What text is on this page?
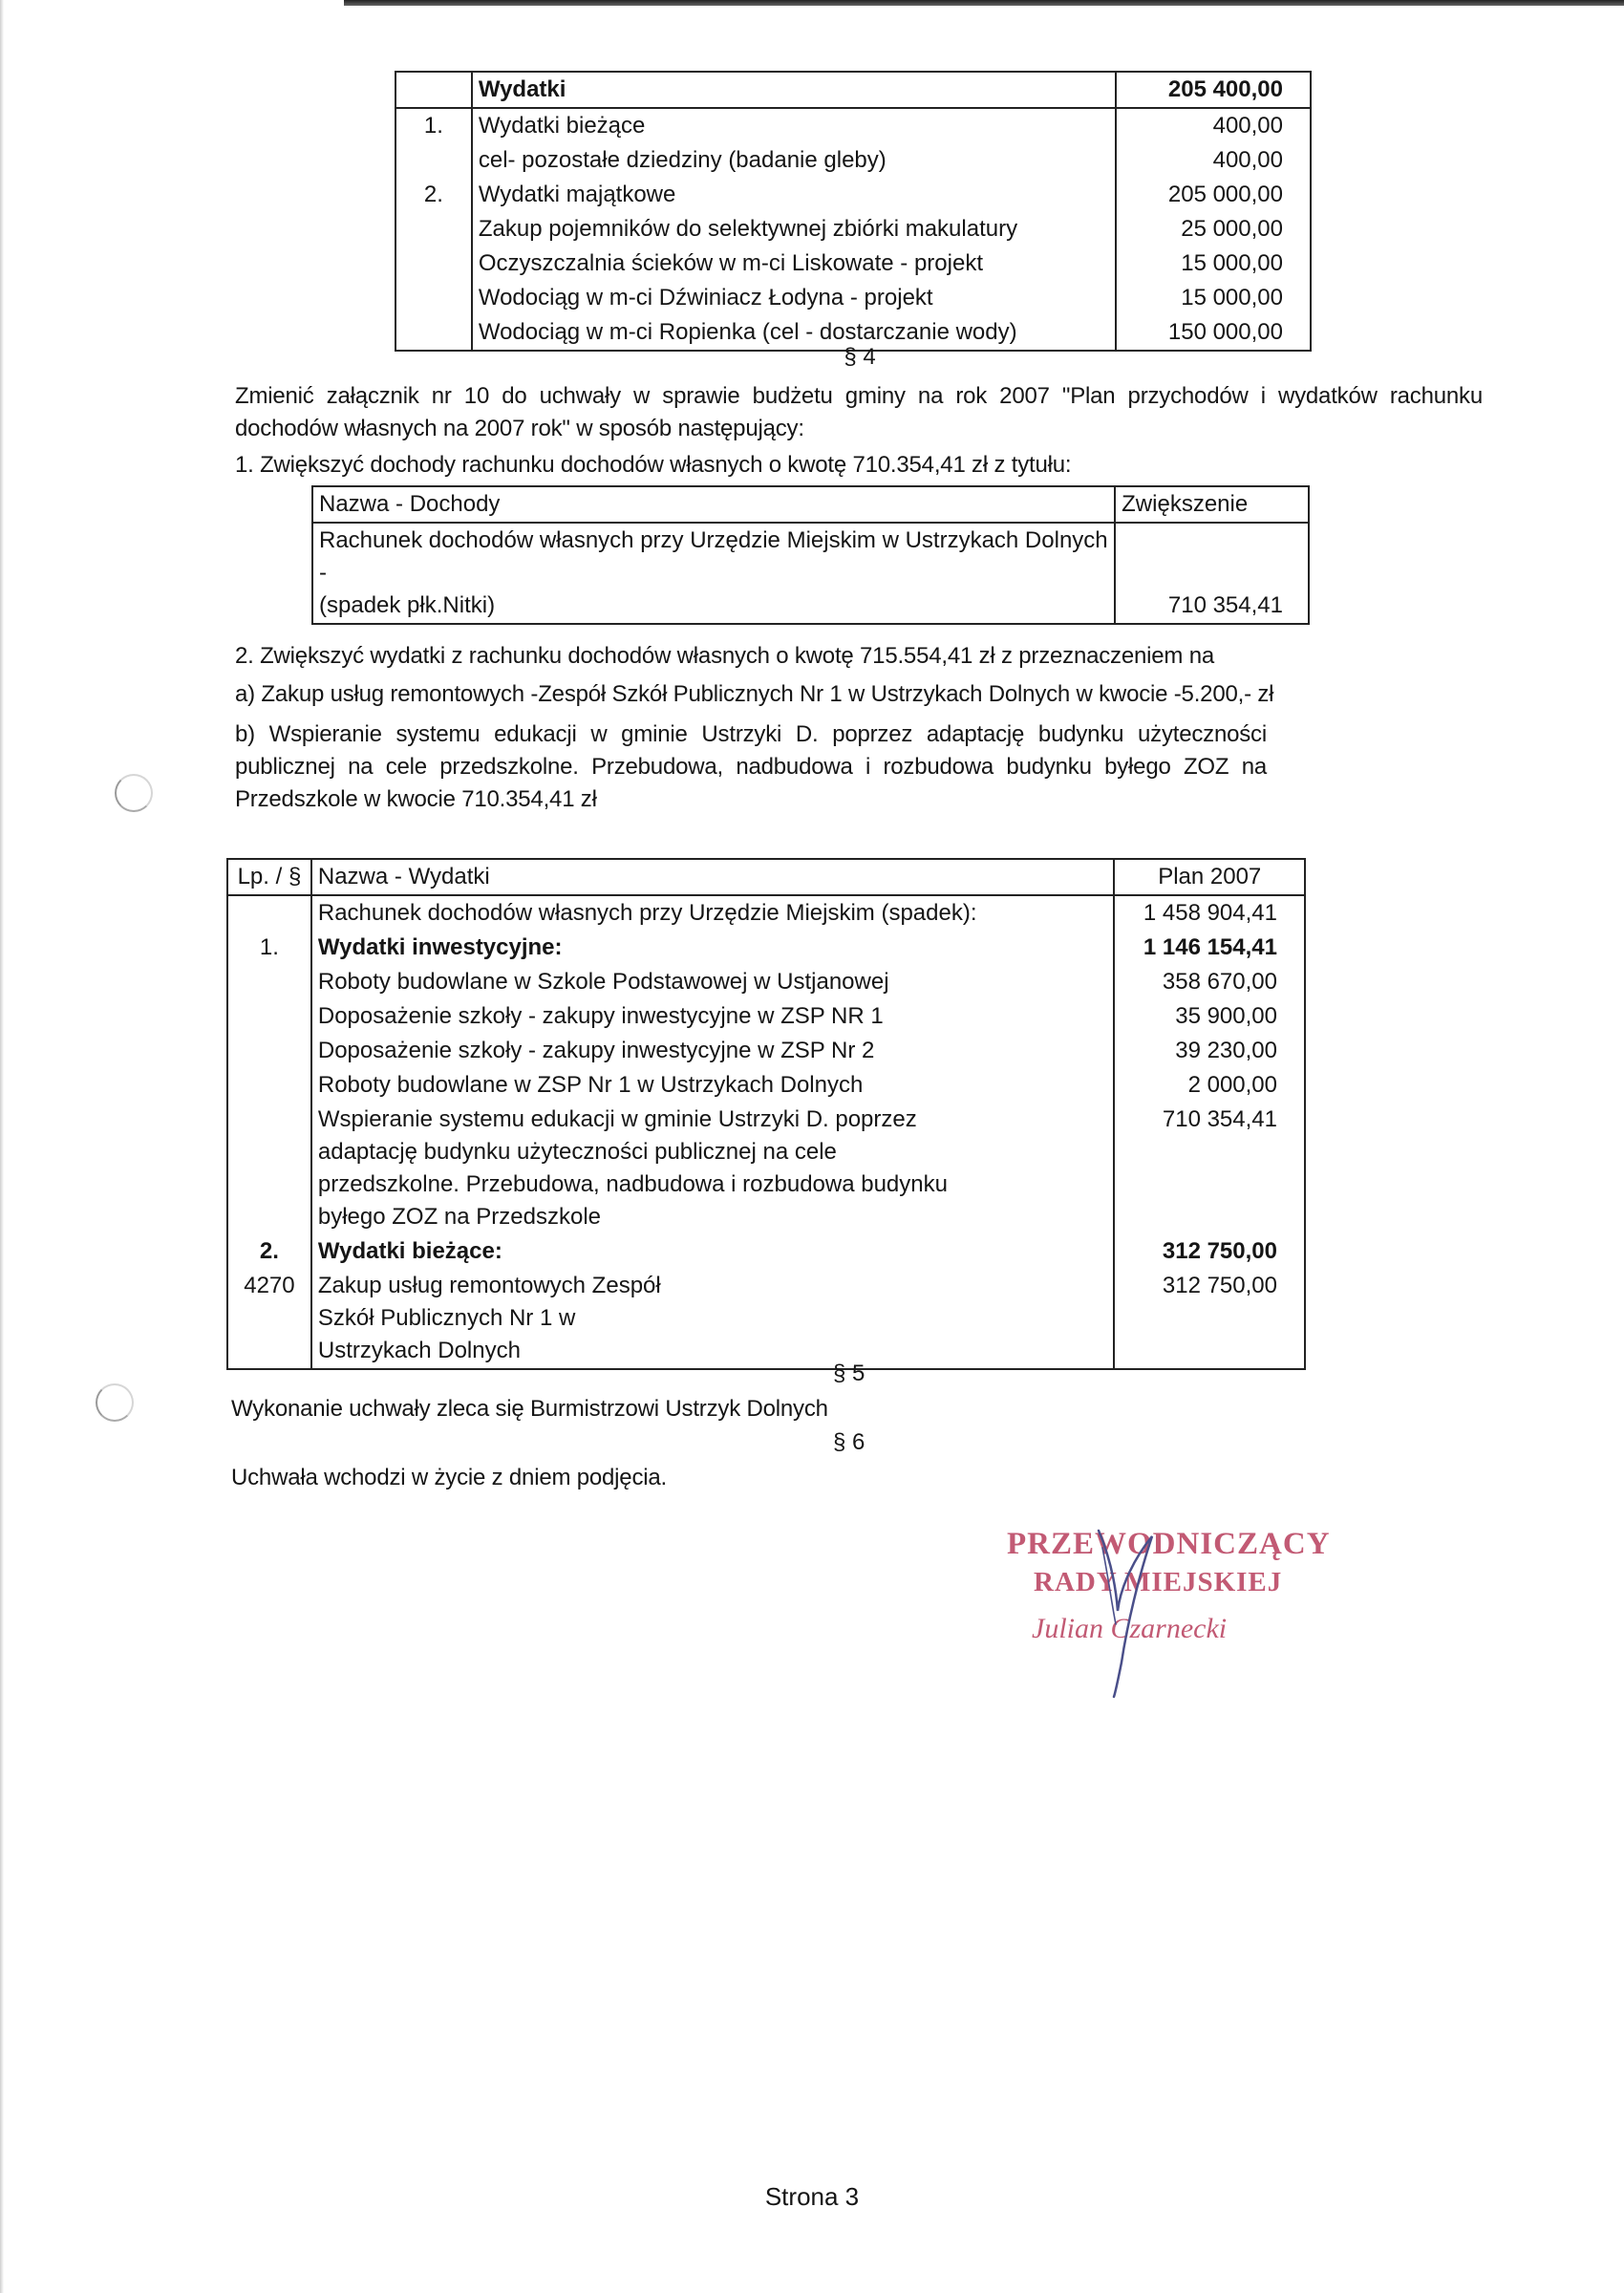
	Wydatki	205 400,00
1.	Wydatki bieżące	400,00
	cel- pozostałe dziedziny (badanie gleby)	400,00
2.	Wydatki majątkowe	205 000,00
	Zakup pojemników do selektywnej zbiórki makulatury	25 000,00
	Oczyszczalnia ścieków w m-ci Liskowate - projekt	15 000,00
	Wodociąg w m-ci Dźwiniacz Łodyna - projekt	15 000,00
	Wodociąg w m-ci Ropienka (cel - dostarczanie wody)	150 000,00
§ 4
Zmienić załącznik nr 10 do uchwały w sprawie budżetu gminy na rok 2007 "Plan przychodów i wydatków rachunku dochodów własnych na 2007 rok" w sposób następujący:
1. Zwiększyć dochody rachunku dochodów własnych o kwotę 710.354,41 zł z tytułu:
Nazwa - Dochody	Zwiększenie

Rachunek dochodów własnych przy Urzędzie Miejskim w Ustrzykach Dolnych -
(spadek płk.Nitki)	710 354,41
2. Zwiększyć wydatki z rachunku dochodów własnych o kwotę 715.554,41 zł z przeznaczeniem na
a) Zakup usług remontowych -Zespół Szkół Publicznych Nr 1 w Ustrzykach Dolnych w kwocie -5.200,- zł
b) Wspieranie systemu edukacji w gminie Ustrzyki D. poprzez adaptację budynku użyteczności publicznej na cele przedszkolne. Przebudowa, nadbudowa i rozbudowa budynku byłego ZOZ na Przedszkole w kwocie 710.354,41 zł
Lp. / §	Nazwa - Wydatki	Plan 2007
	Rachunek dochodów własnych przy Urzędzie Miejskim (spadek):	1 458 904,41
1.	Wydatki inwestycyjne:	1 146 154,41
	Roboty budowlane w Szkole Podstawowej w Ustjanowej	358 670,00
	Doposażenie szkoły - zakupy inwestycyjne w ZSP NR 1	35 900,00
	Doposażenie szkoły - zakupy inwestycyjne w ZSP Nr 2	39 230,00
	Roboty budowlane w ZSP Nr 1 w Ustrzykach Dolnych	2 000,00
	Wspieranie systemu edukacji w gminie Ustrzyki D. poprzez adaptację budynku użyteczności publicznej na cele przedszkolne. Przebudowa, nadbudowa i rozbudowa budynku byłego ZOZ na Przedszkole	710 354,41
2.	Wydatki bieżące:	312 750,00
4270	Zakup usług remontowych Zespół Szkół Publicznych Nr 1 w Ustrzykach Dolnych	312 750,00
§ 5
Wykonanie uchwały zleca się Burmistrzowi Ustrzyk Dolnych
§ 6
Uchwała wchodzi w życie z dniem podjęcia.
PRZEWODNICZĄCY
RADY MIEJSKIEJ
Julian Czarnecki
Strona 3
